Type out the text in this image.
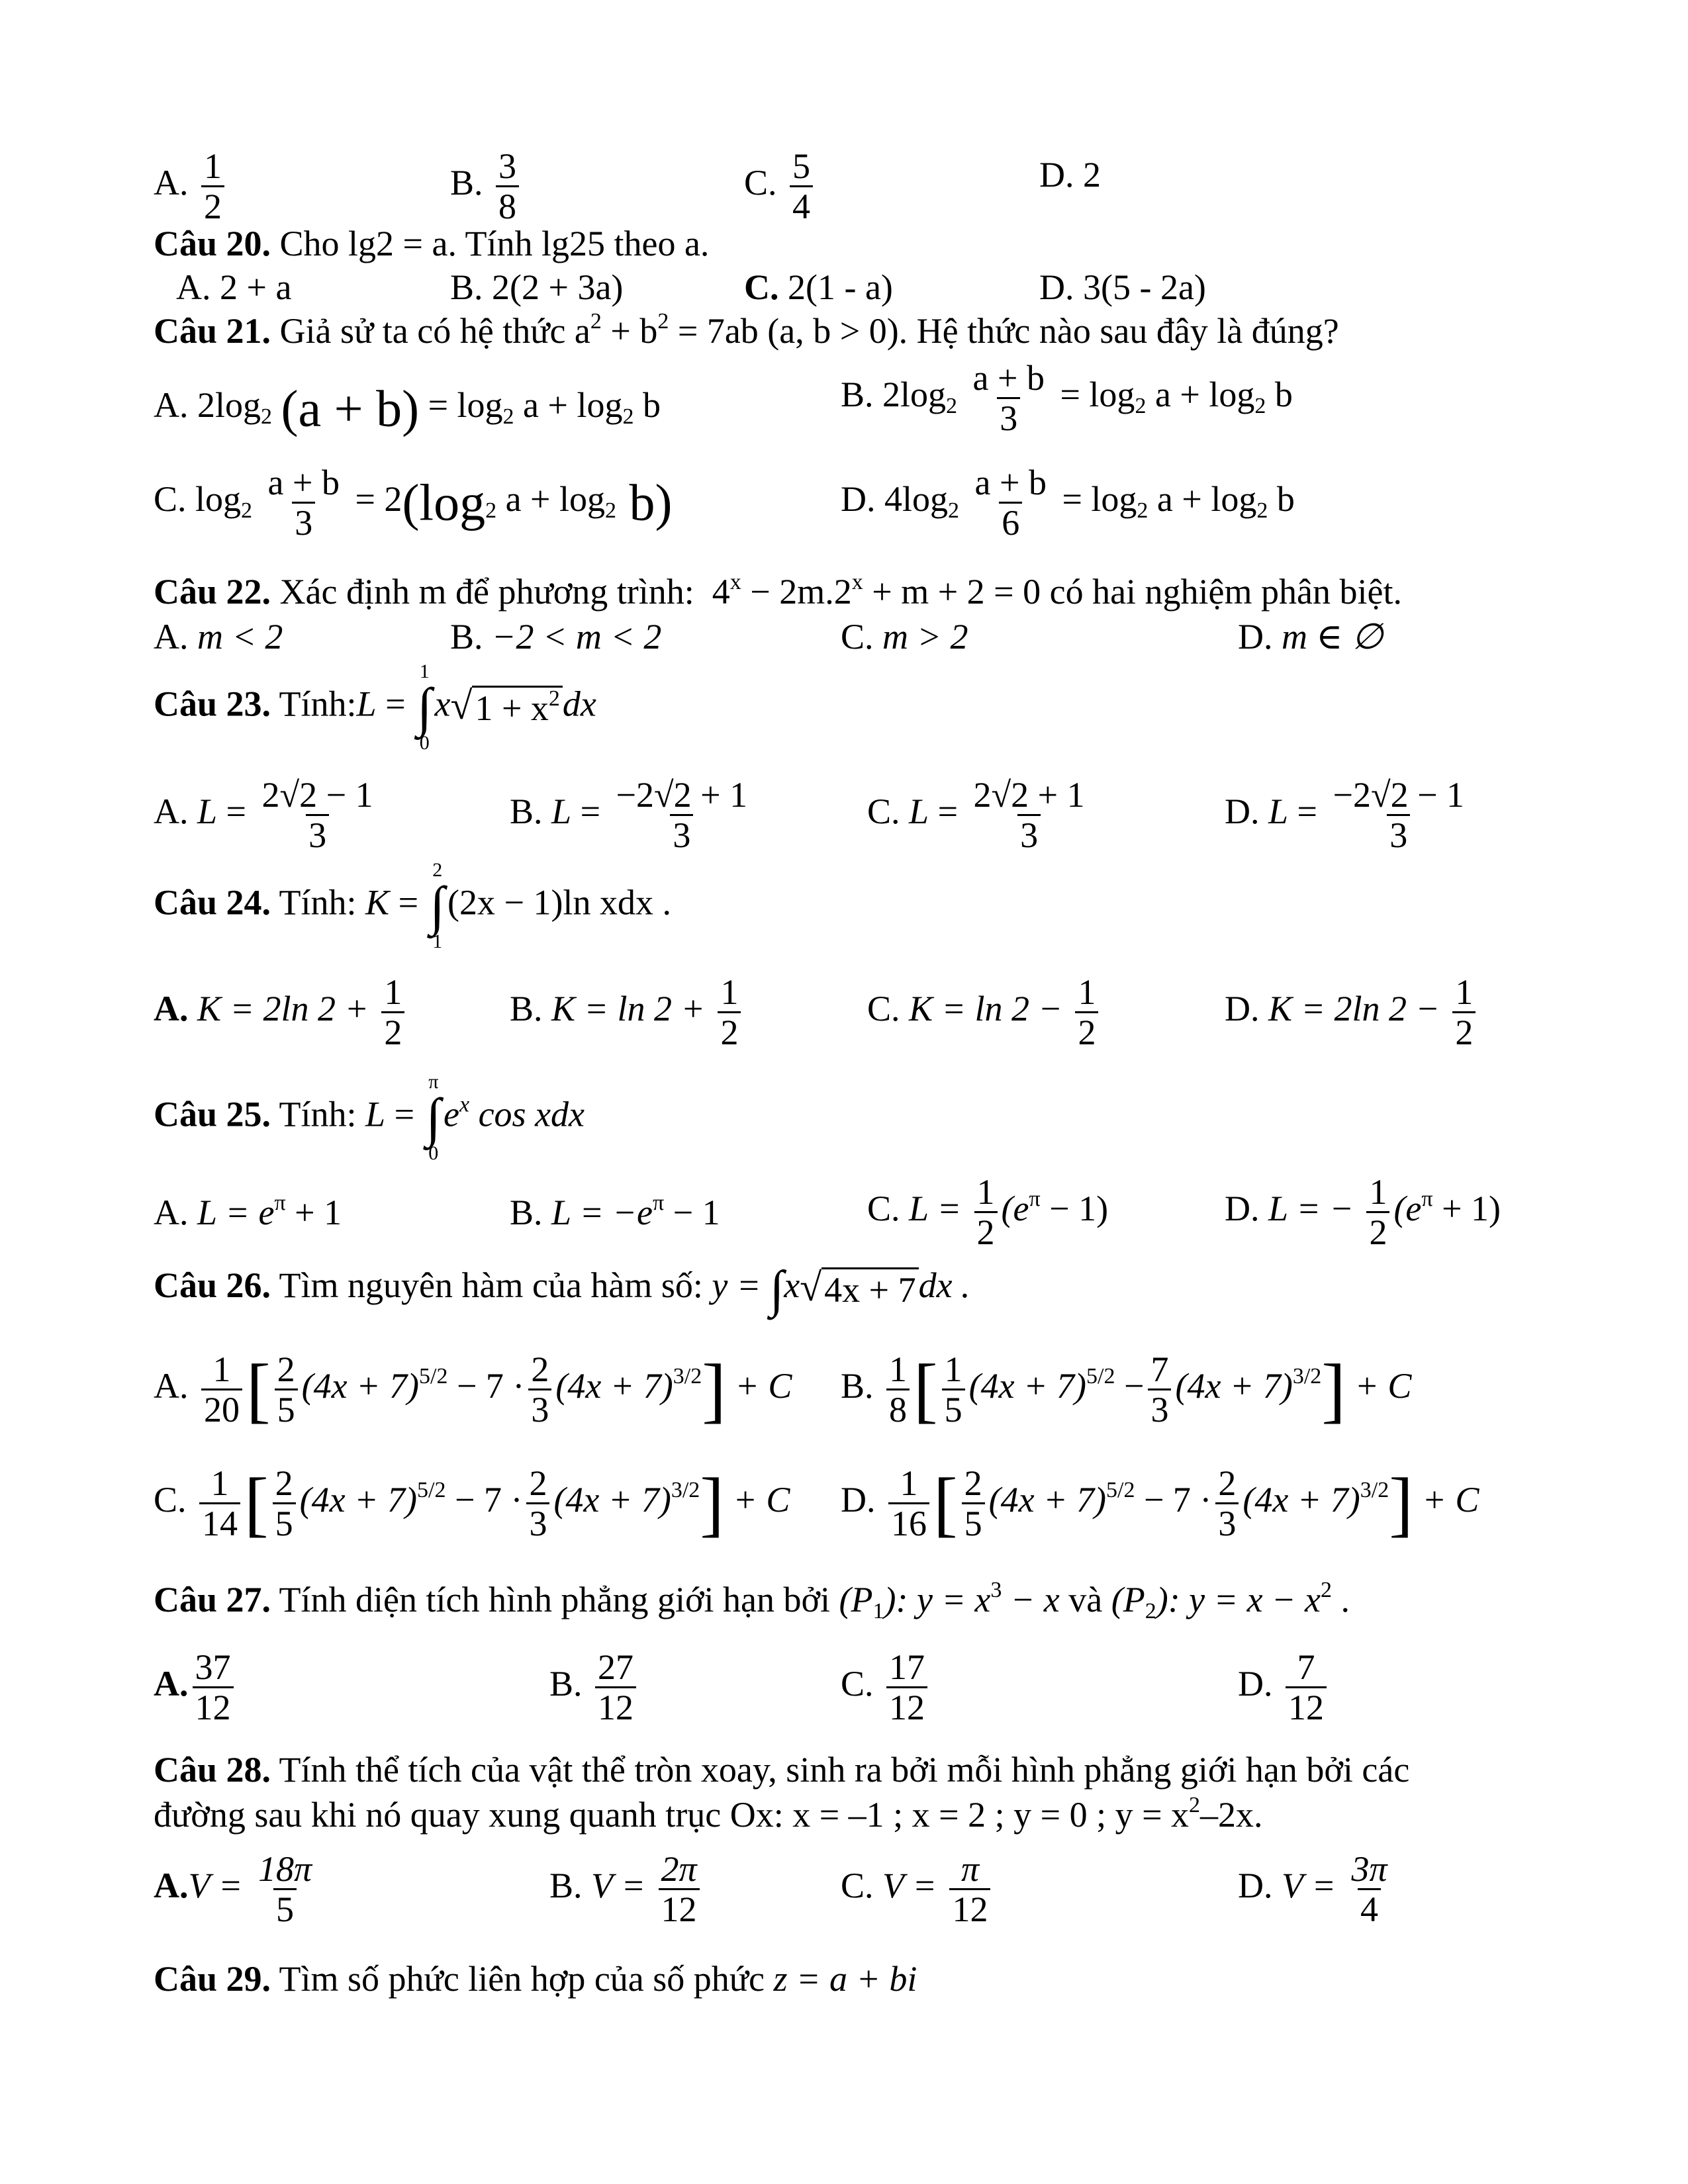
A. $\frac{1}{2}$	B. $\frac{3}{8}$	C. $\frac{5}{4}$	D. 2
Câu 20. Cho lg2 = a. Tính lg25 theo a.
A. 2 + a	B. 2(2 + 3a)	C. 2(1 - a)	D. 3(5 - 2a)
Câu 21. Giả sử ta có hệ thức $a^2 + b^2 = 7ab$ (a, b > 0). Hệ thức nào sau đây là đúng?
A. $2\log_2$ $(a + b) = \log_2 a + \log_2 b$	B. $2\log_2 \frac{a + b}{3} = \log_2 a + \log_2 b$
C. $\log_2 \frac{a + b}{3} = 2(\log_2$ $a + \log_2 b$)	D. $4\log_2 \frac{a + b}{6} = \log_2 a + \log_2 b$
Câu 22. Xác định m để phương trình: $4^x - 2m.2^x + m + 2 = 0$ có hai nghiệm phân biệt.
A. m < 2	B. −2 < m < 2	C. m > 2	D. m ∈ ∅
Câu 23. Tính:L =
1
∫
0
x √ $1 + x^2$ dx
A. $L = \frac{2√2 - 1}{3}$	B. $L = \frac{-2√2 + 1}{3}$	C. $L = \frac{2√2 + 1}{3}$	D. $L = \frac{-2√2 - 1}{3}$
Câu 24. Tính: K =
2
∫
1
(2x − 1)ln xdx .
A. K = 2ln $2 + \frac{1}{2}$	B. $K = \ln 2 + \frac{1}{2}$	C. $K = \ln 2 - \frac{1}{2}$	D. K = 2ln $2 - \frac{1}{2}$
Câu 25. Tính: L =
π
∫
0
$e^x$ cos xdx
A. $L = e^\pi + 1$	B. $L = -e^\pi - 1$	C. $L = \frac{1}{2} (e^\pi - 1)$	D. L = − $\frac{1}{2} (e^\pi + 1)$
Câu 26. Tìm nguyên hàm của hàm số: y = ∫x √ 4x + 7 dx .
A. $\frac{1}{20}$ [ $\frac{2}{5} (4x + 7)^{5/2} - 7 \cdot \frac{2}{3} (4x + 7)^{3/2}] + C$ B. $\frac{1}{8}$ [ $\frac{1}{5} (4x + 7)^{5/2} - \frac{7}{3} (4x + 7)^{3/2}] + C$
C. $\frac{1}{14}$ [ $\frac{2}{5} (4x + 7)^{5/2} - 7 \cdot \frac{2}{3} (4x + 7)^{3/2}] + C$ D. $\frac{1}{16}$ [ $\frac{2}{5} (4x + 7)^{5/2} - 7 \cdot \frac{2}{3} (4x + 7)^{3/2}] + C$
Câu 27. Tính diện tích hình phẳng giới hạn bởi $(P_1)$: $y = x^3 - x$ và $(P_2)$: $y = x - x^2$ .
A. $\frac{37}{12}$	B. $\frac{27}{12}$	C. $\frac{17}{12}$	D. $\frac{7}{12}$
Câu 28. Tính thể tích của vật thể tròn xoay, sinh ra bởi mỗi hình phẳng giới hạn bởi các
đường sau khi nó quay xung quanh trục Ox: x = –1 ; x = 2 ; y = 0 ; $y = x^2-2x$.
$A.V = \frac{18\pi}{5}$	B. $V = \frac{2\pi}{12}$	C. $V = \frac{\pi}{12}$	D. $V = \frac{3\pi}{4}$
Câu 29. Tìm số phức liên hợp của số phức z = a + bi
